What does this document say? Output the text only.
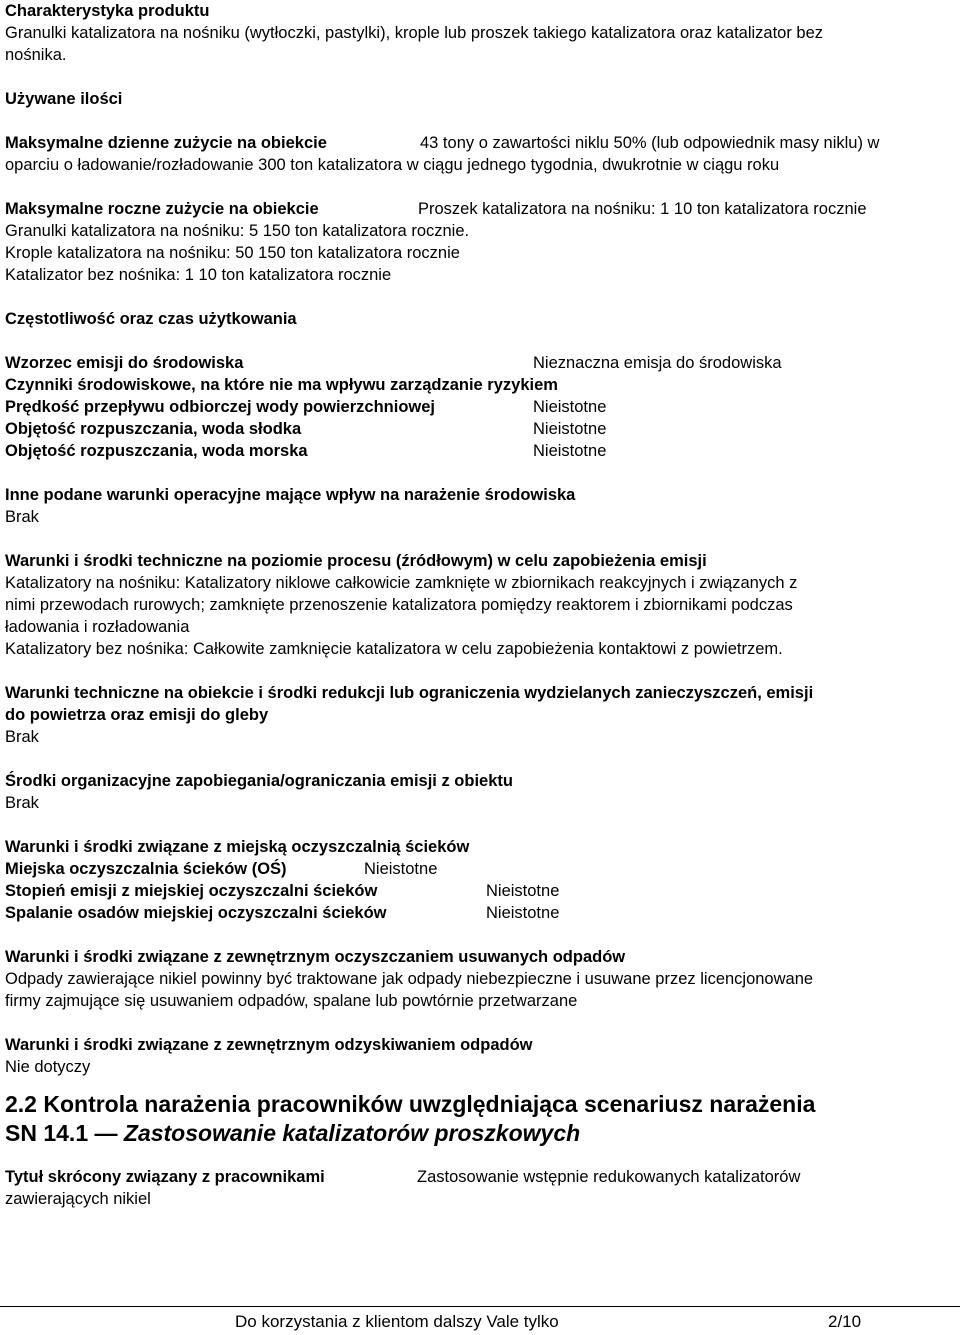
Charakterystyka produktu
Granulki katalizatora na nośniku (wytłoczki, pastylki), krople lub proszek takiego katalizatora oraz katalizator bez
nośnika.
Używane ilości
Maksymalne dzienne zużycie na obiekcie	43 tony o zawartości niklu 50% (lub odpowiednik masy niklu) w
oparciu o ładowanie/rozładowanie 300 ton katalizatora w ciągu jednego tygodnia, dwukrotnie w ciągu roku
Maksymalne roczne zużycie na obiekcie	Proszek katalizatora na nośniku: 1 10 ton katalizatora rocznie
Granulki katalizatora na nośniku: 5 150 ton katalizatora rocznie.
Krople katalizatora na nośniku: 50 150 ton katalizatora rocznie
Katalizator bez nośnika: 1 10 ton katalizatora rocznie
Częstotliwość oraz czas użytkowania
Wzorzec emisji do środowiska	Nieznaczna emisja do środowiska
Czynniki środowiskowe, na które nie ma wpływu zarządzanie ryzykiem
Prędkość przepływu odbiorczej wody powierzchniowej	Nieistotne
Objętość rozpuszczania, woda słodka	Nieistotne
Objętość rozpuszczania, woda morska	Nieistotne
Inne podane warunki operacyjne mające wpływ na narażenie środowiska
Brak
Warunki i środki techniczne na poziomie procesu (źródłowym) w celu zapobieżenia emisji
Katalizatory na nośniku: Katalizatory niklowe całkowicie zamknięte w zbiornikach reakcyjnych i związanych z
nimi przewodach rurowych; zamknięte przenoszenie katalizatora pomiędzy reaktorem i zbiornikami podczas
ładowania i rozładowania
Katalizatory bez nośnika: Całkowite zamknięcie katalizatora w celu zapobieżenia kontaktowi z powietrzem.
Warunki techniczne na obiekcie i środki redukcji lub ograniczenia wydzielanych zanieczyszczeń, emisji
do powietrza oraz emisji do gleby
Brak
Środki organizacyjne zapobiegania/ograniczania emisji z obiektu
Brak
Warunki i środki związane z miejską oczyszczalnią ścieków
Miejska oczyszczalnia ścieków (OŚ)	Nieistotne
Stopień emisji z miejskiej oczyszczalni ścieków	Nieistotne
Spalanie osadów miejskiej oczyszczalni ścieków	Nieistotne
Warunki i środki związane z zewnętrznym oczyszczaniem usuwanych odpadów
Odpady zawierające nikiel powinny być traktowane jak odpady niebezpieczne i usuwane przez licencjonowane
firmy zajmujące się usuwaniem odpadów, spalane lub powtórnie przetwarzane
Warunki i środki związane z zewnętrznym odzyskiwaniem odpadów
Nie dotyczy
2.2 Kontrola narażenia pracowników uwzględniająca scenariusz narażenia
SN 14.1 — Zastosowanie katalizatorów proszkowych
Tytuł skrócony związany z pracownikami	Zastosowanie wstępnie redukowanych katalizatorów
zawierających nikiel
Do korzystania z klientom dalszy Vale tylko	2/10
